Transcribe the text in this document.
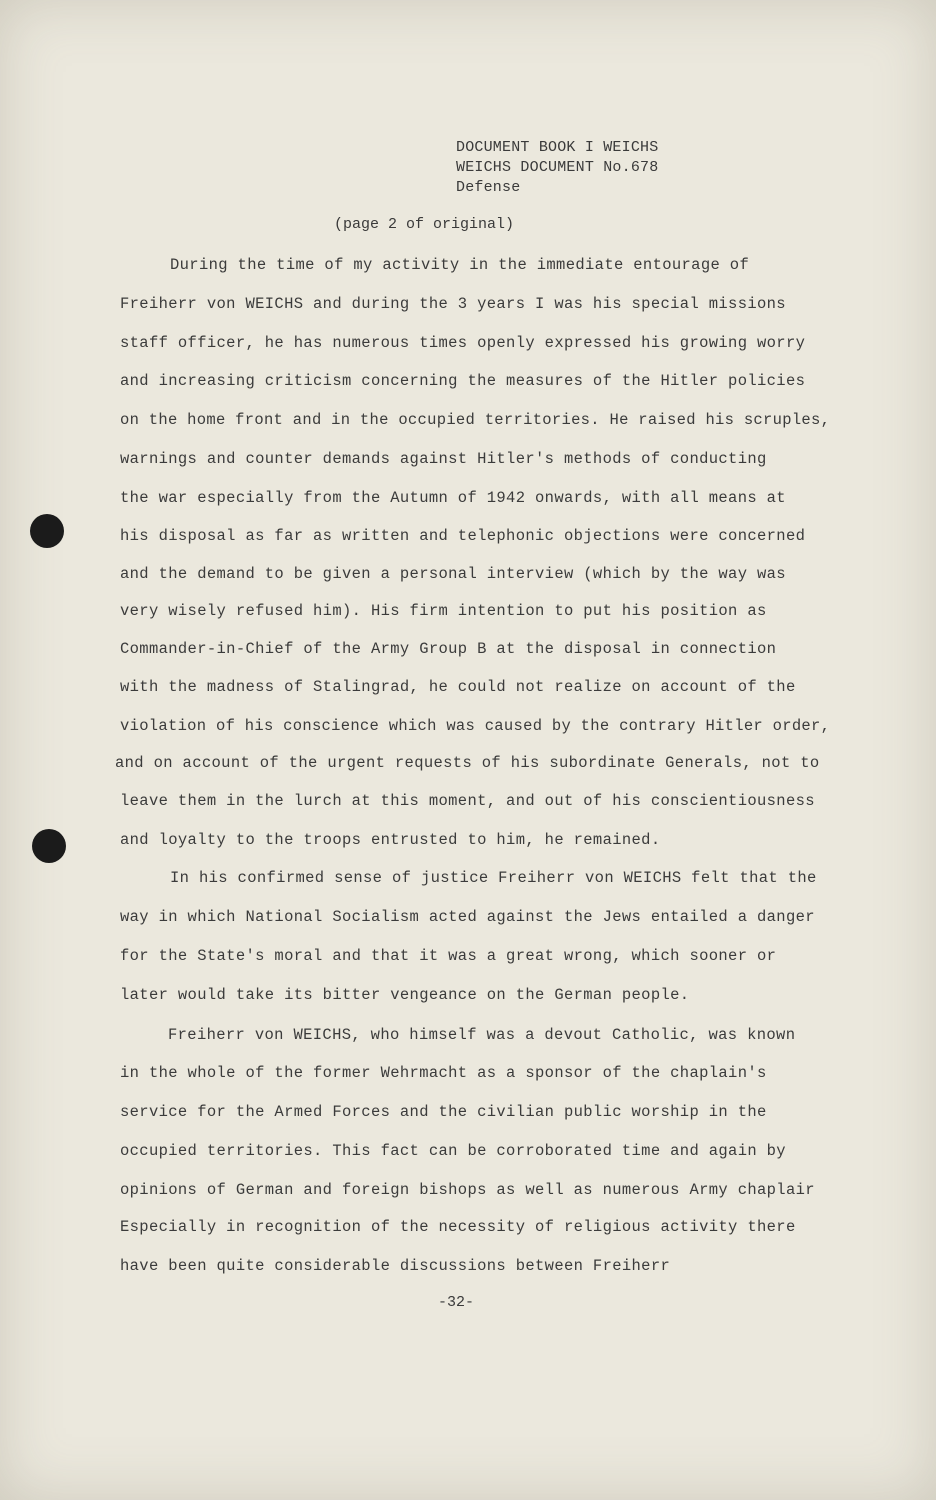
DOCUMENT BOOK I WEICHS
WEICHS DOCUMENT No.678
Defense
(page 2 of original)
During the time of my activity in the immediate entourage of
Freiherr von WEICHS and during the 3 years I was his special missions
staff officer, he has numerous times openly expressed his growing worry
and increasing criticism concerning the measures of the Hitler policies
on the home front and in the occupied territories. He raised his scruples,
warnings and counter demands against Hitler's methods of conducting
the war especially from the Autumn of 1942 onwards, with all means at
his disposal as far as written and telephonic objections were concerned
and the demand to be given a personal interview (which by the way was
very wisely refused him). His firm intention to put his position as
Commander-in-Chief of the Army Group B at the disposal in connection
with the madness of Stalingrad, he could not realize on account of the
violation of his conscience which was caused by the contrary Hitler order,
and on account of the urgent requests of his subordinate Generals, not to
leave them in the lurch at this moment, and out of his conscientiousness
and loyalty to the troops entrusted to him, he remained.
In his confirmed sense of justice Freiherr von WEICHS felt that the
way in which National Socialism acted against the Jews entailed a danger
for the State's moral and that it was a great wrong, which sooner or
later would take its bitter vengeance on the German people.
Freiherr von WEICHS, who himself was a devout Catholic, was known
in the whole of the former Wehrmacht as a sponsor of the chaplain's
service for the Armed Forces and the civilian public worship in the
occupied territories. This fact can be corroborated time and again by
opinions of German and foreign bishops as well as numerous Army chaplair
Especially in recognition of the necessity of religious activity there
have been quite considerable discussions between Freiherr
-32-
